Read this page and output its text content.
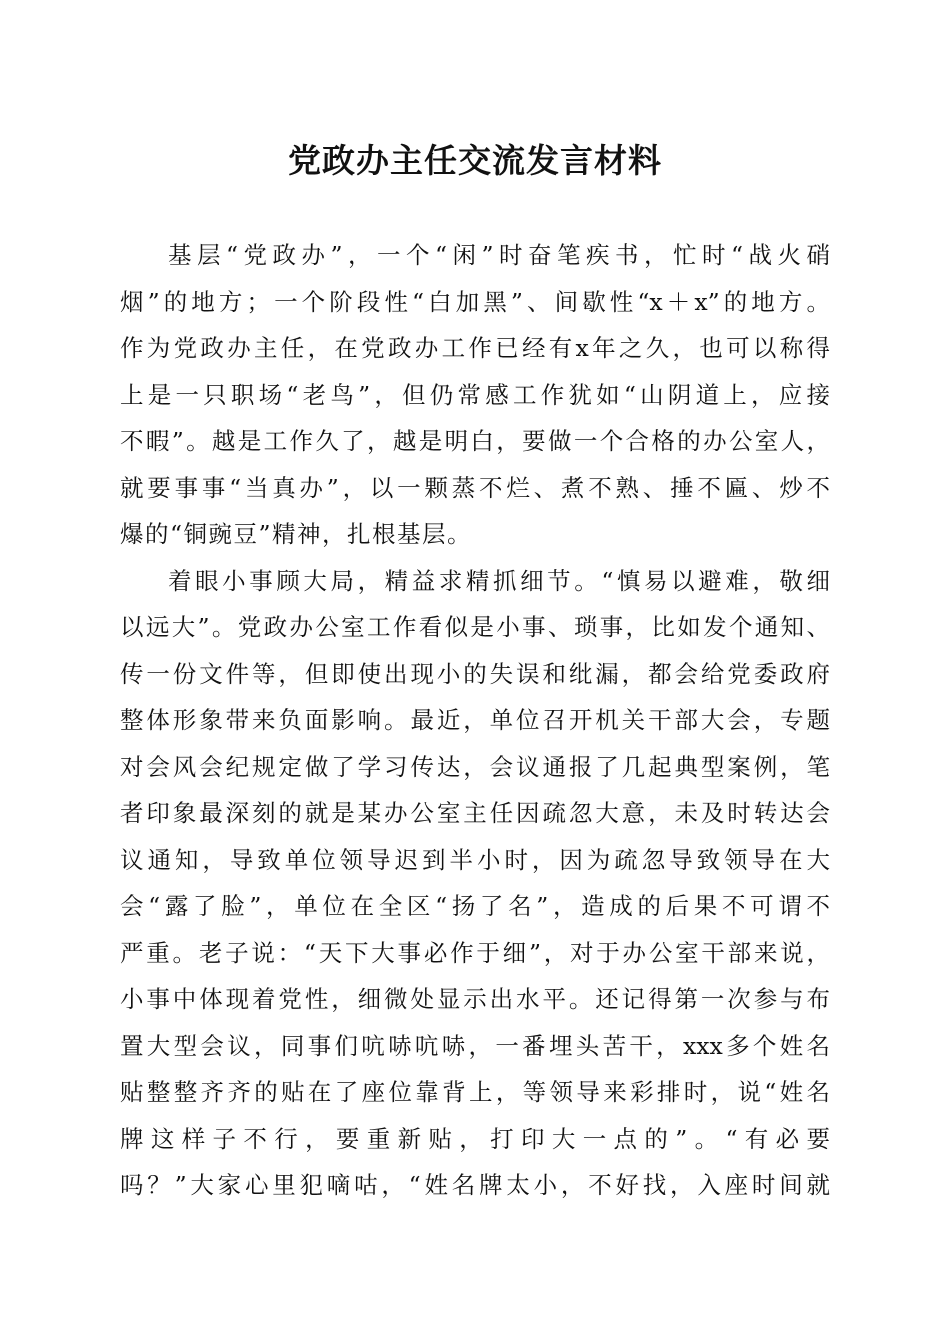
党政办主任交流发言材料
基层“党政办”，一个“闲”时奋笔疾书，忙时“战火硝
烟”的地方；一个阶段性“白加黑”、间歇性“x＋x”的地方。
作为党政办主任，在党政办工作已经有x年之久，也可以称得
上是一只职场“老鸟”，但仍常感工作犹如“山阴道上，应接
不暇”。越是工作久了，越是明白，要做一个合格的办公室人，
就要事事“当真办”，以一颗蒸不烂、煮不熟、捶不匾、炒不
爆的“铜豌豆”精神，扎根基层。
着眼小事顾大局，精益求精抓细节。“慎易以避难，敬细
以远大”。党政办公室工作看似是小事、琐事，比如发个通知、
传一份文件等，但即使出现小的失误和纰漏，都会给党委政府
整体形象带来负面影响。最近，单位召开机关干部大会，专题
对会风会纪规定做了学习传达，会议通报了几起典型案例，笔
者印象最深刻的就是某办公室主任因疏忽大意，未及时转达会
议通知，导致单位领导迟到半小时，因为疏忽导致领导在大
会“露了脸”，单位在全区“扬了名”，造成的后果不可谓不
严重。老子说：“天下大事必作于细”，对于办公室干部来说，
小事中体现着党性，细微处显示出水平。还记得第一次参与布
置大型会议，同事们吭哧吭哧，一番埋头苦干，xxx多个姓名
贴整整齐齐的贴在了座位靠背上，等领导来彩排时，说“姓名
牌这样子不行，要重新贴，打印大一点的”。“有必要
吗？”大家心里犯嘀咕，“姓名牌太小，不好找，入座时间就
